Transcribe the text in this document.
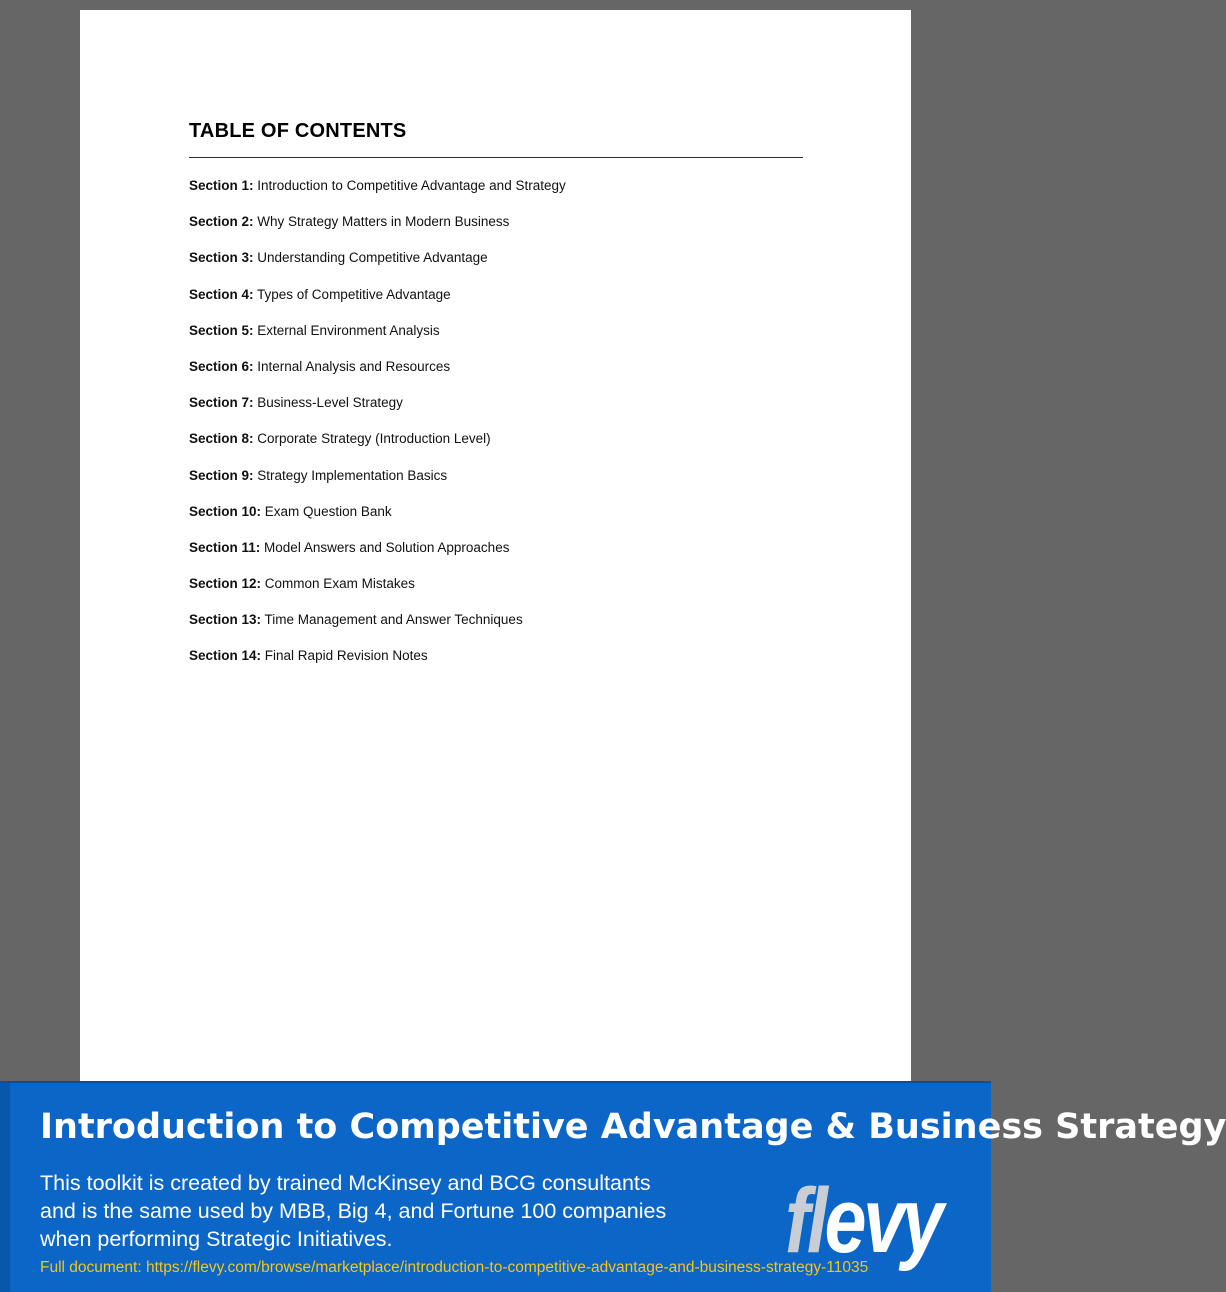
TABLE OF CONTENTS
Section 1: Introduction to Competitive Advantage and Strategy
Section 2: Why Strategy Matters in Modern Business
Section 3: Understanding Competitive Advantage
Section 4: Types of Competitive Advantage
Section 5: External Environment Analysis
Section 6: Internal Analysis and Resources
Section 7: Business-Level Strategy
Section 8: Corporate Strategy (Introduction Level)
Section 9: Strategy Implementation Basics
Section 10: Exam Question Bank
Section 11: Model Answers and Solution Approaches
Section 12: Common Exam Mistakes
Section 13: Time Management and Answer Techniques
Section 14: Final Rapid Revision Notes
Introduction to Competitive Advantage & Business Strategy

This toolkit is created by trained McKinsey and BCG consultants and is the same used by MBB, Big 4, and Fortune 100 companies when performing Strategic Initiatives.

Full document: https://flevy.com/browse/marketplace/introduction-to-competitive-advantage-and-business-strategy-11035
flevy
